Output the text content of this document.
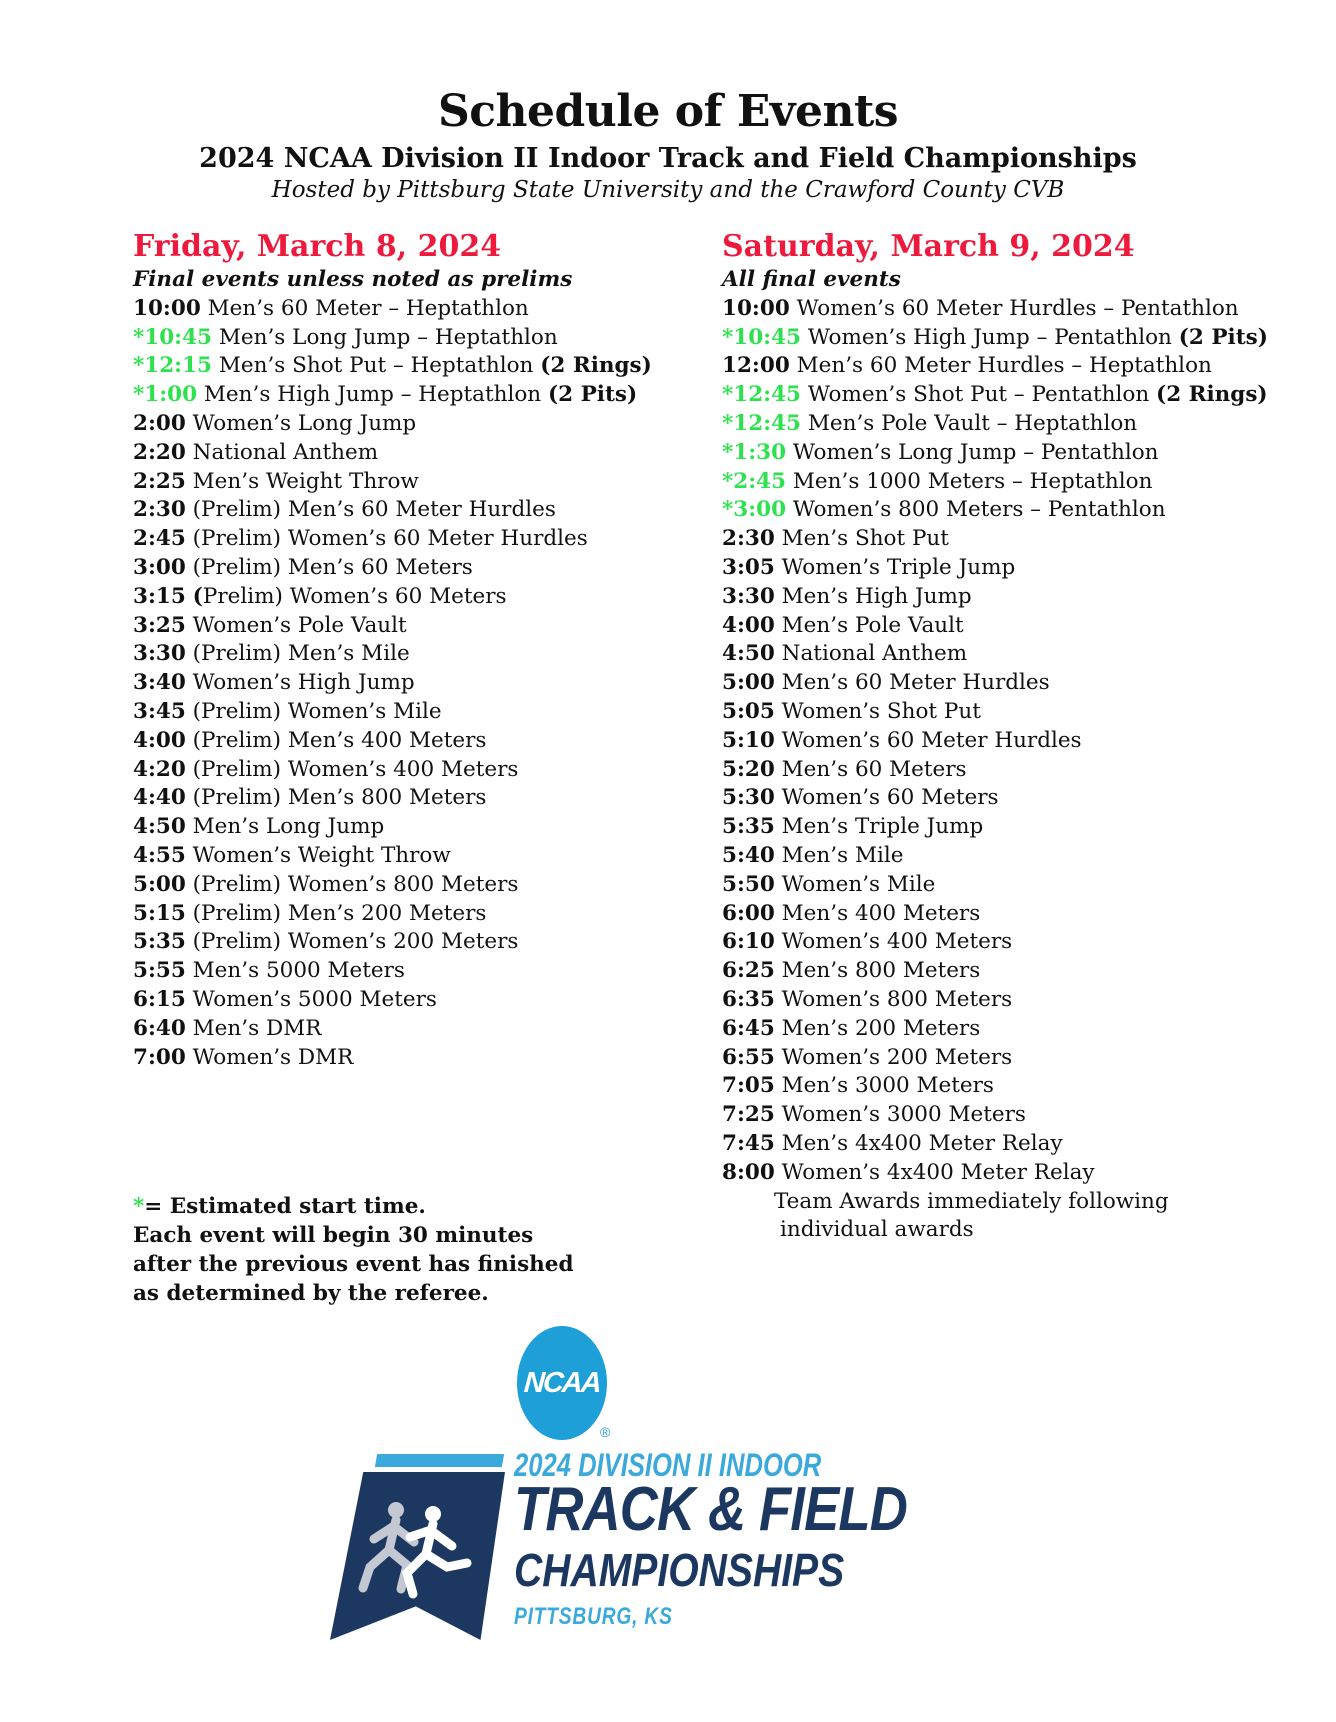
Schedule of Events
2024 NCAA Division II Indoor Track and Field Championships
Hosted by Pittsburg State University and the Crawford County CVB
Friday, March 8, 2024
Final events unless noted as prelims
10:00 Men’s 60 Meter – Heptathlon
*10:45 Men’s Long Jump – Heptathlon
*12:15 Men’s Shot Put – Heptathlon (2 Rings)
*1:00 Men’s High Jump – Heptathlon (2 Pits)
2:00 Women’s Long Jump
2:20 National Anthem
2:25 Men’s Weight Throw
2:30 (Prelim) Men’s 60 Meter Hurdles
2:45 (Prelim) Women’s 60 Meter Hurdles
3:00 (Prelim) Men’s 60 Meters
3:15 (Prelim) Women’s 60 Meters
3:25 Women’s Pole Vault
3:30 (Prelim) Men’s Mile
3:40 Women’s High Jump
3:45 (Prelim) Women’s Mile
4:00 (Prelim) Men’s 400 Meters
4:20 (Prelim) Women’s 400 Meters
4:40 (Prelim) Men’s 800 Meters
4:50 Men’s Long Jump
4:55 Women’s Weight Throw
5:00 (Prelim) Women’s 800 Meters
5:15 (Prelim) Men’s 200 Meters
5:35 (Prelim) Women’s 200 Meters
5:55 Men’s 5000 Meters
6:15 Women’s 5000 Meters
6:40 Men’s DMR
7:00 Women’s DMR
Saturday, March 9, 2024
All final events
10:00 Women’s 60 Meter Hurdles – Pentathlon
*10:45 Women’s High Jump – Pentathlon (2 Pits)
12:00 Men’s 60 Meter Hurdles – Heptathlon
*12:45 Women’s Shot Put – Pentathlon (2 Rings)
*12:45 Men’s Pole Vault – Heptathlon
*1:30 Women’s Long Jump – Pentathlon
*2:45 Men’s 1000 Meters – Heptathlon
*3:00 Women’s 800 Meters – Pentathlon
2:30 Men’s Shot Put
3:05 Women’s Triple Jump
3:30 Men’s High Jump
4:00 Men’s Pole Vault
4:50 National Anthem
5:00 Men’s 60 Meter Hurdles
5:05 Women’s Shot Put
5:10 Women’s 60 Meter Hurdles
5:20 Men’s 60 Meters
5:30 Women’s 60 Meters
5:35 Men’s Triple Jump
5:40 Men’s Mile
5:50 Women’s Mile
6:00 Men’s 400 Meters
6:10 Women’s 400 Meters
6:25 Men’s 800 Meters
6:35 Women’s 800 Meters
6:45 Men’s 200 Meters
6:55 Women’s 200 Meters
7:05 Men’s 3000 Meters
7:25 Women’s 3000 Meters
7:45 Men’s 4x400 Meter Relay
8:00 Women’s 4x400 Meter Relay
Team Awards immediately following
individual awards
*= Estimated start time.
Each event will begin 30 minutes
after the previous event has finished
as determined by the referee.
NCAA
®
2024 DIVISION II INDOOR
TRACK & FIELD
CHAMPIONSHIPS
PITTSBURG, KS
